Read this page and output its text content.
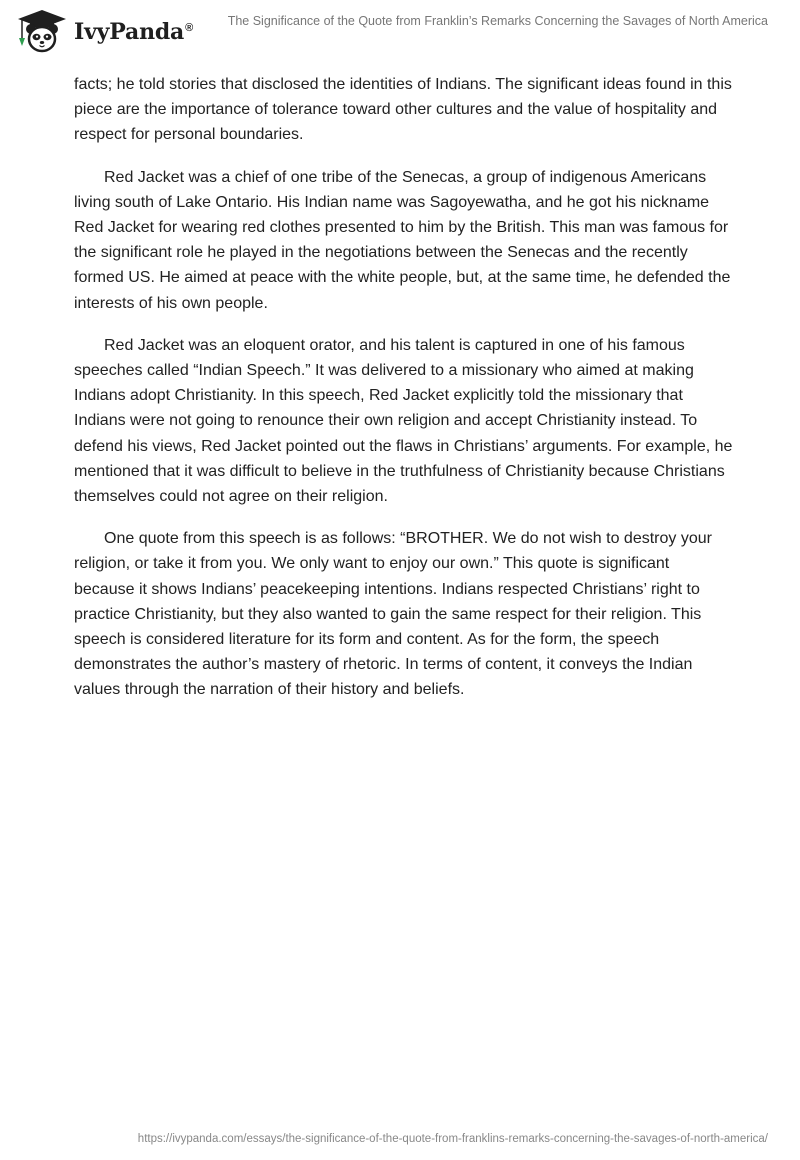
IvyPanda®	The Significance of the Quote from Franklin’s Remarks Concerning the Savages of North America

facts; he told stories that disclosed the identities of Indians. The significant ideas found in this piece are the importance of tolerance toward other cultures and the value of hospitality and respect for personal boundaries.

Red Jacket was a chief of one tribe of the Senecas, a group of indigenous Americans living south of Lake Ontario. His Indian name was Sagoyewatha, and he got his nickname Red Jacket for wearing red clothes presented to him by the British. This man was famous for the significant role he played in the negotiations between the Senecas and the recently formed US. He aimed at peace with the white people, but, at the same time, he defended the interests of his own people.

Red Jacket was an eloquent orator, and his talent is captured in one of his famous speeches called “Indian Speech.” It was delivered to a missionary who aimed at making Indians adopt Christianity. In this speech, Red Jacket explicitly told the missionary that Indians were not going to renounce their own religion and accept Christianity instead. To defend his views, Red Jacket pointed out the flaws in Christians’ arguments. For example, he mentioned that it was difficult to believe in the truthfulness of Christianity because Christians themselves could not agree on their religion.

One quote from this speech is as follows: “BROTHER. We do not wish to destroy your religion, or take it from you. We only want to enjoy our own.” This quote is significant because it shows Indians’ peacekeeping intentions. Indians respected Christians’ right to practice Christianity, but they also wanted to gain the same respect for their religion. This speech is considered literature for its form and content. As for the form, the speech demonstrates the author’s mastery of rhetoric. In terms of content, it conveys the Indian values through the narration of their history and beliefs.

https://ivypanda.com/essays/the-significance-of-the-quote-from-franklins-remarks-concerning-the-savages-of-north-america/
